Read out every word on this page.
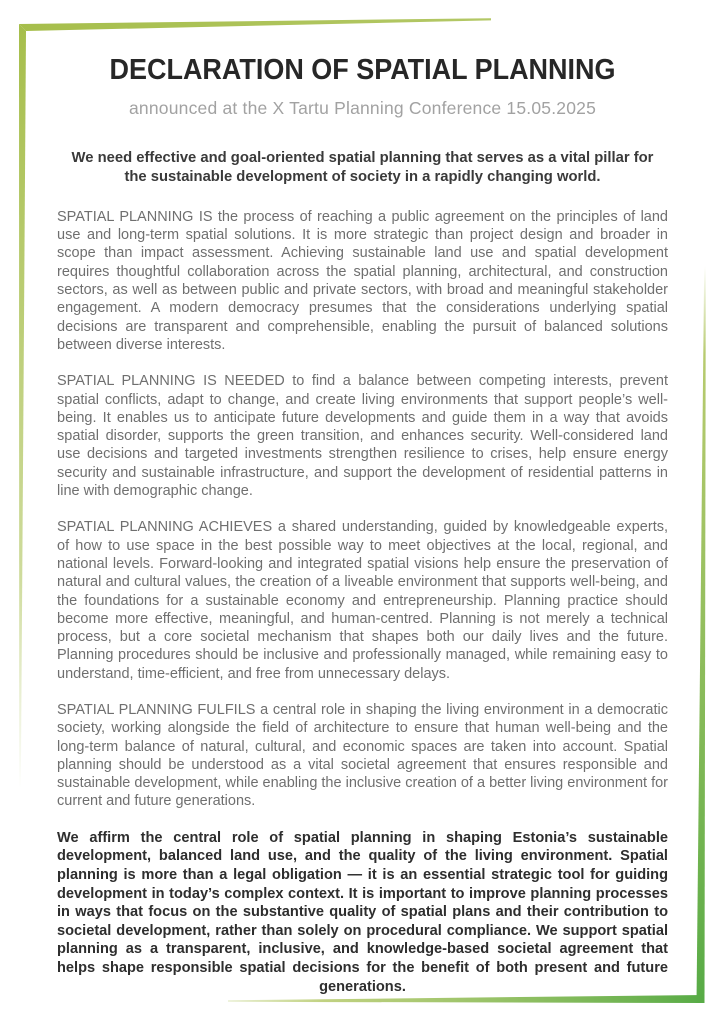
DECLARATION OF SPATIAL PLANNING
announced at the X Tartu Planning Conference 15.05.2025

We need effective and goal-oriented spatial planning that serves as a vital pillar for the sustainable development of society in a rapidly changing world.

SPATIAL PLANNING IS the process of reaching a public agreement on the principles of land use and long-term spatial solutions. It is more strategic than project design and broader in scope than impact assessment. Achieving sustainable land use and spatial development requires thoughtful collaboration across the spatial planning, architectural, and construction sectors, as well as between public and private sectors, with broad and meaningful stakeholder engagement. A modern democracy presumes that the considerations underlying spatial decisions are transparent and comprehensible, enabling the pursuit of balanced solutions between diverse interests.

SPATIAL PLANNING IS NEEDED to find a balance between competing interests, prevent spatial conflicts, adapt to change, and create living environments that support people’s well-being. It enables us to anticipate future developments and guide them in a way that avoids spatial disorder, supports the green transition, and enhances security. Well-considered land use decisions and targeted investments strengthen resilience to crises, help ensure energy security and sustainable infrastructure, and support the development of residential patterns in line with demographic change.

SPATIAL PLANNING ACHIEVES a shared understanding, guided by knowledgeable experts, of how to use space in the best possible way to meet objectives at the local, regional, and national levels. Forward-looking and integrated spatial visions help ensure the preservation of natural and cultural values, the creation of a liveable environment that supports well-being, and the foundations for a sustainable economy and entrepreneurship. Planning practice should become more effective, meaningful, and human-centred. Planning is not merely a technical process, but a core societal mechanism that shapes both our daily lives and the future. Planning procedures should be inclusive and professionally managed, while remaining easy to understand, time-efficient, and free from unnecessary delays.

SPATIAL PLANNING FULFILS a central role in shaping the living environment in a democratic society, working alongside the field of architecture to ensure that human well-being and the long-term balance of natural, cultural, and economic spaces are taken into account. Spatial planning should be understood as a vital societal agreement that ensures responsible and sustainable development, while enabling the inclusive creation of a better living environment for current and future generations.

We affirm the central role of spatial planning in shaping Estonia’s sustainable development, balanced land use, and the quality of the living environment. Spatial planning is more than a legal obligation — it is an essential strategic tool for guiding development in today’s complex context. It is important to improve planning processes in ways that focus on the substantive quality of spatial plans and their contribution to societal development, rather than solely on procedural compliance. We support spatial planning as a transparent, inclusive, and knowledge-based societal agreement that helps shape responsible spatial decisions for the benefit of both present and future generations.
